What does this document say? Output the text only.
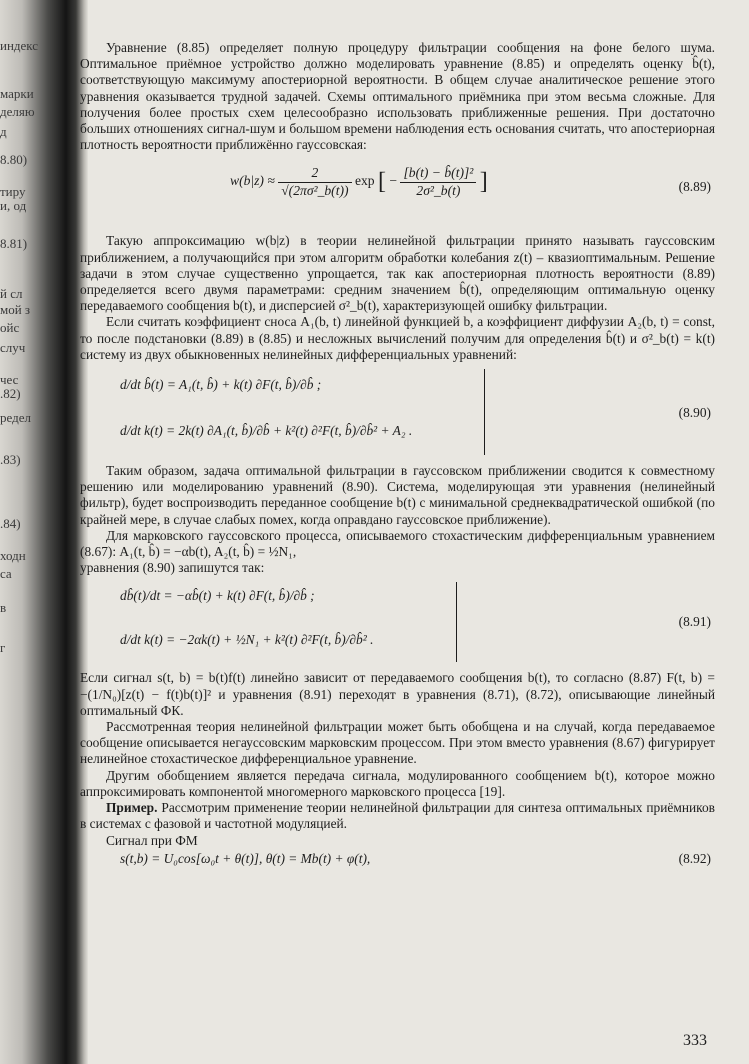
индекс
марки
деляю
д
8.80)
тиру
и, од
8.81)
й сл
мой з
ойс
случ
чес
.82)
редел
.83)
.84)
ходн
са
в
г

Уравнение (8.85) определяет полную процедуру фильтрации сообщения на фоне белого шума. Оптимальное приёмное устройство должно моделировать уравнение (8.85) и определять оценку b̂(t), соответствующую максимуму апостериорной вероятности. В общем случае аналитическое решение этого уравнения оказывается трудной задачей. Схемы оптимального приёмника при этом весьма сложные. Для получения более простых схем целесообразно использовать приближенные решения. При достаточно больших отношениях сигнал-шум и большом времени наблюдения есть основания считать, что апостериорная плотность вероятности приближённо гауссовская:

$w(b|z) \approx \frac{2}{\text{√(2πσ²\_b(t))}}$ exp [ − $\frac{\text{[b(t) − b̂(t)]²}}{\text{2σ²\_b(t)}}$ ]	(8.89)

Такую аппроксимацию w(b|z) в теории нелинейной фильтрации принято называть гауссовским приближением, а получающийся при этом алгоритм обработки колебания z(t) – квазиоптимальным. Решение задачи в этом случае существенно упрощается, так как апостериорная плотность вероятности (8.89) определяется всего двумя параметрами: средним значением b̂(t), определяющим оптимальную оценку передаваемого сообщения b(t), и дисперсией σ²_b(t), характеризующей ошибку фильтрации.

Если считать коэффициент сноса A₁(b, t) линейной функцией b, а коэффициент диффузии A₂(b, t) = const, то после подстановки (8.89) в (8.85) и несложных вычислений получим для определения b̂(t) и σ²_b(t) = k(t) систему из двух обыкновенных нелинейных дифференциальных уравнений:

d/dt b̂(t) = A₁(t, b̂) + k(t) ∂F(t, b̂)/∂b̂ ;
d/dt k(t) = 2k(t) ∂A₁(t, b̂)/∂b̂ + k²(t) ∂²F(t, b̂)/∂b̂² + A₂ .
(8.90)

Таким образом, задача оптимальной фильтрации в гауссовском приближении сводится к совместному решению или моделированию уравнений (8.90). Система, моделирующая эти уравнения (нелинейный фильтр), будет воспроизводить переданное сообщение b(t) с минимальной среднеквадратической ошибкой (по крайней мере, в случае слабых помех, когда оправдано гауссовское приближение).

Для марковского гауссовского процесса, описываемого стохастическим дифференциальным уравнением (8.67): A₁(t, b̂) = −αb(t), A₂(t, b̂) = ½N₁,

уравнения (8.90) запишутся так:

db̂(t)/dt = −αb̂(t) + k(t) ∂F(t, b̂)/∂b̂ ;
d/dt k(t) = −2αk(t) + ½N₁ + k²(t) ∂²F(t, b̂)/∂b̂² .
(8.91)

Если сигнал s(t, b) = b(t)f(t) линейно зависит от передаваемого сообщения b(t), то согласно (8.87) F(t, b) = −(1/N₀)[z(t) − f(t)b(t)]² и уравнения (8.91) переходят в уравнения (8.71), (8.72), описывающие линейный оптимальный ФК.

Рассмотренная теория нелинейной фильтрации может быть обобщена и на случай, когда передаваемое сообщение описывается негауссовским марковским процессом. При этом вместо уравнения (8.67) фигурирует нелинейное стохастическое дифференциальное уравнение.

Другим обобщением является передача сигнала, модулированного сообщением b(t), которое можно аппроксимировать компонентой многомерного марковского процесса [19].

Пример. Рассмотрим применение теории нелинейной фильтрации для синтеза оптимальных приёмников в системах с фазовой и частотной модуляцией.

Сигнал при ФМ

s(t,b) = U₀cos[ω₀t + θ(t)], θ(t) = Mb(t) + φ(t),	(8.92)
333
